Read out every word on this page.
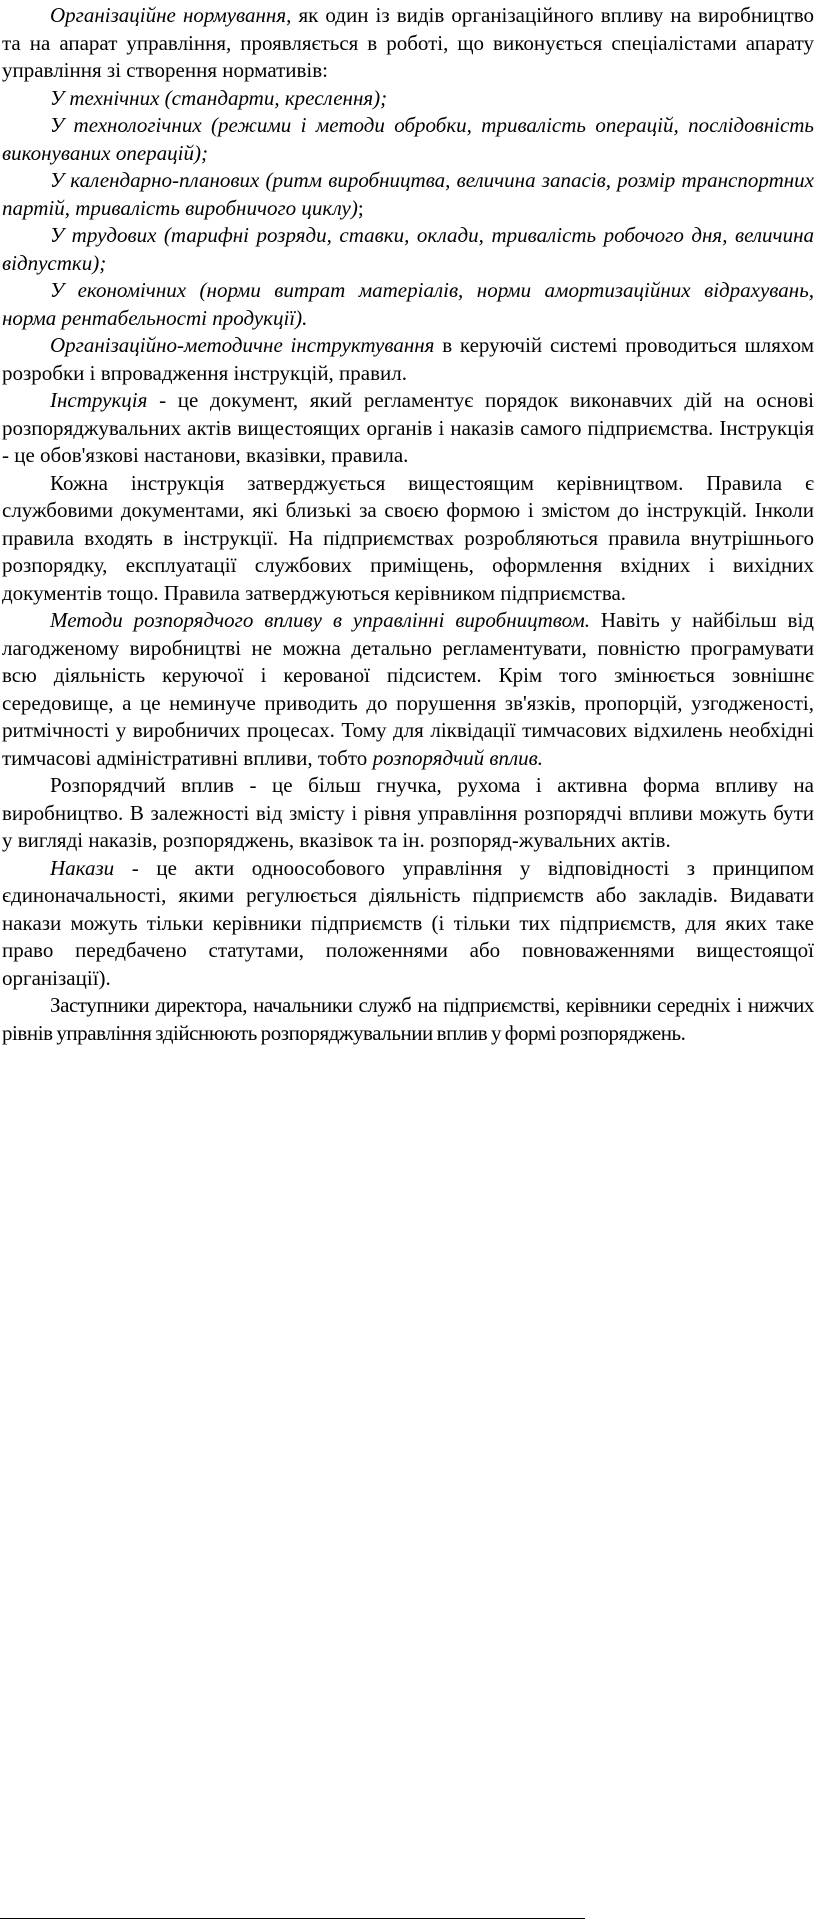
Організаційне нормування, як один із видів організаційного впливу на виробництво та на апарат управління, проявляється в роботі, що виконується спеціалістами апарату управління зі створення нормативів:

У технічних (стандарти, креслення);

У технологічних (режими і методи обробки, тривалість операцій, послідовність виконуваних операцій);

У календарно-планових (ритм виробництва, величина запасів, розмір транспортних партій, тривалість виробничого циклу);

У трудових (тарифні розряди, ставки, оклади, тривалість робочого дня, величина відпустки);

У економічних (норми витрат матеріалів, норми амортизаційних відрахувань, норма рентабельності продукції).

Організаційно-методичне інструктування в керуючій системі проводиться шляхом розробки і впровадження інструкцій, правил.

Інструкція - це документ, який регламентує порядок виконавчих дій на основі розпоряджувальних актів вищестоящих органів і наказів самого підприємства. Інструкція - це обов'язкові настанови, вказівки, правила.

Кожна інструкція затверджується вищестоящим керівництвом. Правила є службовими документами, які близькі за своєю формою і змістом до інструкцій. Інколи правила входять в інструкції. На підприємствах розробляються правила внутрішнього розпорядку, експлуатації службових приміщень, оформлення вхідних і вихідних документів тощо. Правила затверджуються керівником підприємства.

Методи розпорядчого впливу в управлінні виробництвом. Навіть у найбільш від лагодженому виробництві не можна детально регламентувати, повністю програмувати всю діяльність керуючої і керованої підсистем. Крім того змінюється зовнішнє середовище, а це неминуче приводить до порушення зв'язків, пропорцій, узгодженості, ритмічності у виробничих процесах. Тому для ліквідації тимчасових відхилень необхідні тимчасові адміністративні впливи, тобто розпорядчий вплив.

Розпорядчий вплив - це більш гнучка, рухома і активна форма впливу на виробництво. В залежності від змісту і рівня управління розпорядчі впливи можуть бути у вигляді наказів, розпоряджень, вказівок та ін. розпоряд-жувальних актів.

Накази - це акти одноособового управління у відповідності з принципом єдиноначальності, якими регулюється діяльність підприємств або закладів. Видавати накази можуть тільки керівники підприємств (і тільки тих підприємств, для яких таке право передбачено статутами, положеннями або повноваженнями вищестоящої організації).

Заступники директора, начальники служб на підприємстві, керівники середніх і нижчих рівнів управління здійснюють розпоряджувальнии вплив у формі розпоряджень.
